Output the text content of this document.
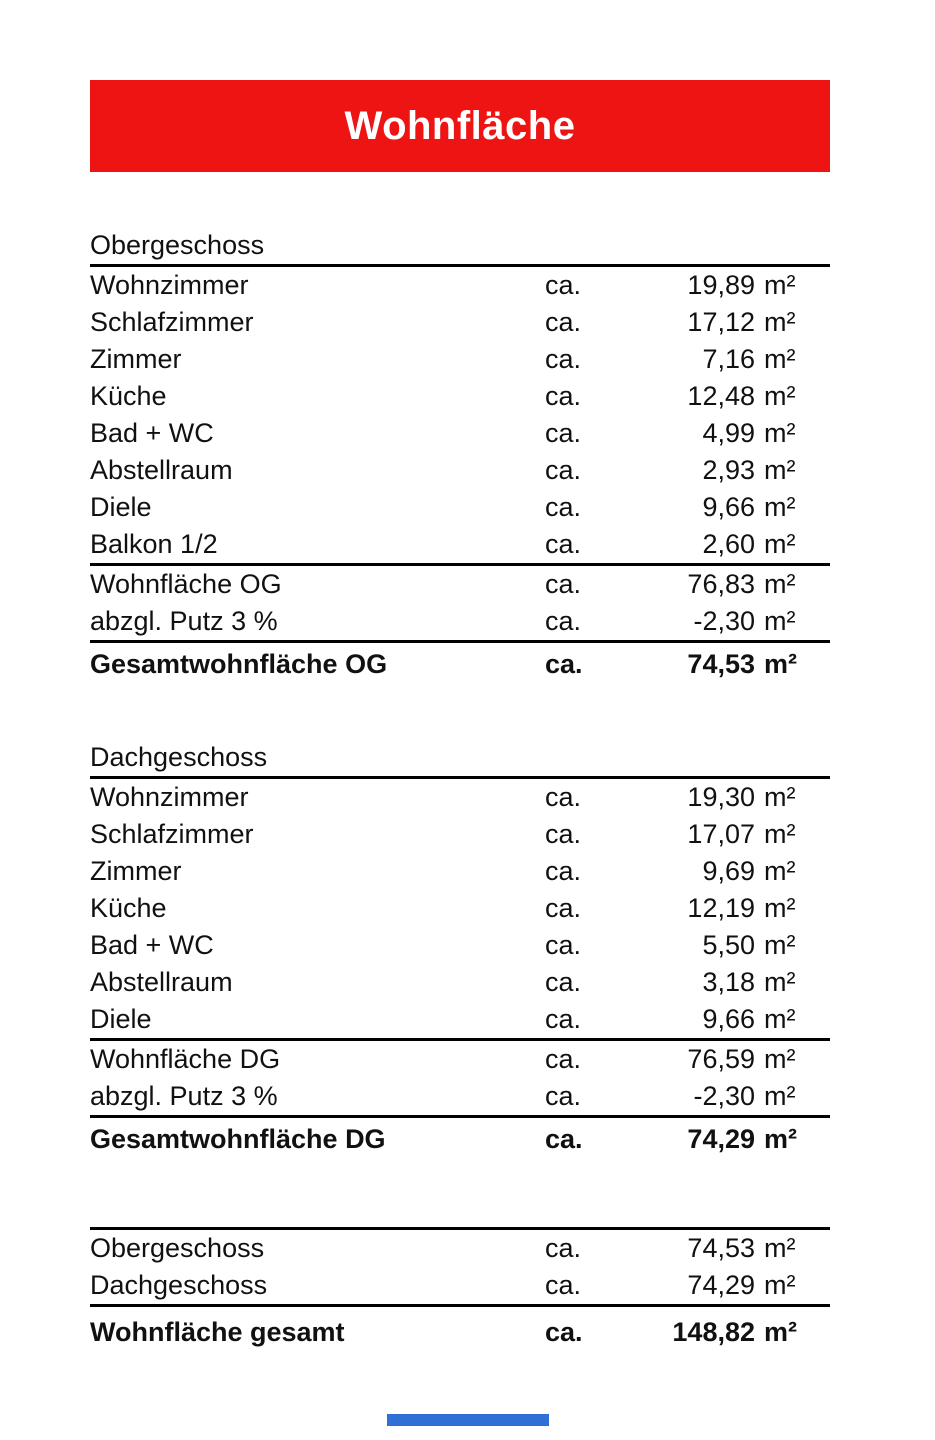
Wohnfläche
Obergeschoss
Wohnzimmer	ca.	19,89 m²
Schlafzimmer	ca.	17,12 m²
Zimmer	ca.	7,16 m²
Küche	ca.	12,48 m²
Bad + WC	ca.	4,99 m²
Abstellraum	ca.	2,93 m²
Diele	ca.	9,66 m²
Balkon 1/2	ca.	2,60 m²
Wohnfläche OG	ca.	76,83 m²
abzgl. Putz 3 %	ca.	-2,30 m²
Gesamtwohnfläche OG	ca.	74,53 m²
Dachgeschoss
Wohnzimmer	ca.	19,30 m²
Schlafzimmer	ca.	17,07 m²
Zimmer	ca.	9,69 m²
Küche	ca.	12,19 m²
Bad + WC	ca.	5,50 m²
Abstellraum	ca.	3,18 m²
Diele	ca.	9,66 m²
Wohnfläche DG	ca.	76,59 m²
abzgl. Putz 3 %	ca.	-2,30 m²
Gesamtwohnfläche DG	ca.	74,29 m²
Obergeschoss	ca.	74,53 m²
Dachgeschoss	ca.	74,29 m²
Wohnfläche gesamt	ca.	148,82 m²
